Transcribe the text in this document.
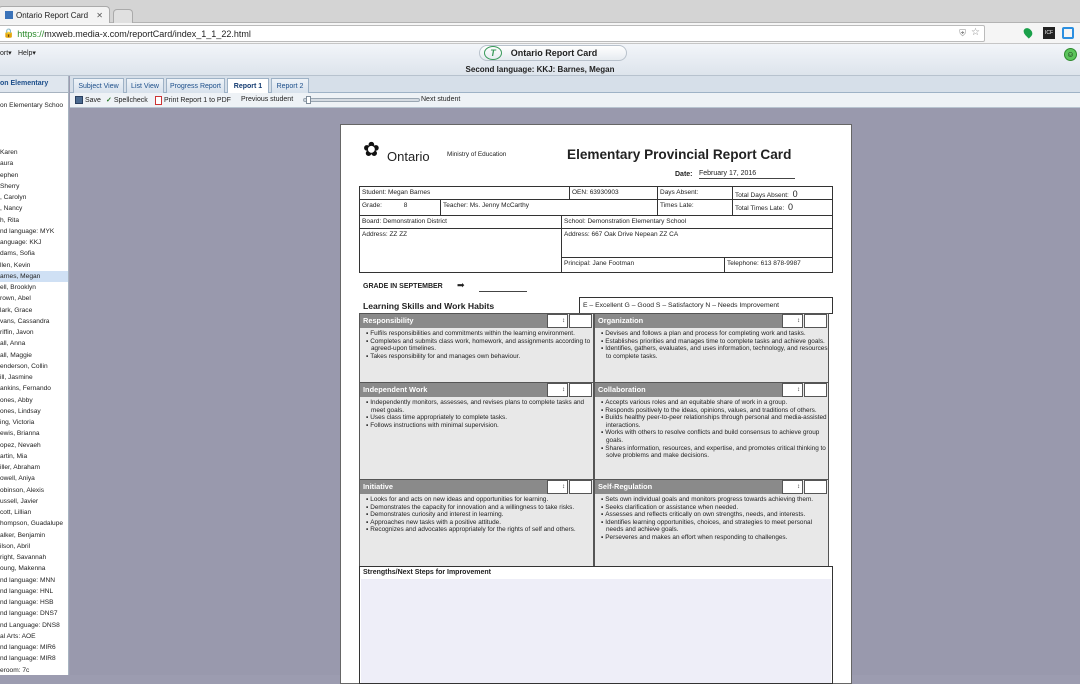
Ontario Report Card ✕
🔒 https:// mxweb.media-x.com/reportCard/index_1_1_22.html	⛨ ☆	ICF
ort▾ Help▾	T	Ontario Report Card
Second language: KKJ: Barnes, Megan
☺
on Elementary
on Elementary Schoo
Karen
aura
ephen
Sherry
, Carolyn
, Nancy
h, Rita
nd language: MYK
anguage: KKJ
dams, Sofia
llen, Kevin
arnes, Megan
ell, Brooklyn
rown, Abel
lark, Grace
vans, Cassandra
riffin, Javon
all, Anna
all, Maggie
enderson, Collin
ill, Jasmine
ankins, Fernando
ones, Abby
ones, Lindsay
ing, Victoria
ewis, Brianna
opez, Nevaeh
artin, Mia
iller, Abraham
owell, Aniya
obinson, Alexis
ussell, Javier
cott, Lillian
hompson, Guadalupe
alker, Benjamin
ilson, Abril
right, Savannah
oung, Makenna
nd language: MNN
nd language: HNL
nd language: HSB
nd language: DNS7
nd Language: DNS8
al Arts: AOE
nd language: MIR6
nd language: MIR8
eroom: 7c
Subject View	List View	Progress Report	Report 1	Report 2
Save ✓ Spellcheck Print Report 1 to PDF Previous student	Next student
✿ Ontario	Ministry of Education	Elementary Provincial Report Card
Date: February 17, 2016
Student: Megan Barnes	OEN: 63930903	Days Absent:	Total Days Absent: 0
Grade:	8	Teacher: Ms. Jenny McCarthy	Times Late:	Total Times Late: 0
Board: Demonstration District	School: Demonstration Elementary School
Address: ZZ ZZ	Address: 667 Oak Drive Nepean ZZ CA
Principal: Jane Footman	Telephone: 613 878-9987
GRADE IN SEPTEMBER ➡
Learning Skills and Work Habits	E – Excellent G – Good S – Satisfactory N – Needs Improvement
Responsibility	↕
▪ Fulfils responsibilities and commitments within the learning environment.
▪ Completes and submits class work, homework, and assignments according to agreed-upon timelines.
▪ Takes responsibility for and manages own behaviour.
Organization	↕
▪ Devises and follows a plan and process for completing work and tasks.
▪ Establishes priorities and manages time to complete tasks and achieve goals.
▪ Identifies, gathers, evaluates, and uses information, technology, and resources to complete tasks.
Independent Work	↕
▪ Independently monitors, assesses, and revises plans to complete tasks and meet goals.
▪ Uses class time appropriately to complete tasks.
▪ Follows instructions with minimal supervision.
Collaboration	↕
▪ Accepts various roles and an equitable share of work in a group.
▪ Responds positively to the ideas, opinions, values, and traditions of others.
▪ Builds healthy peer-to-peer relationships through personal and media-assisted interactions.
▪ Works with others to resolve conflicts and build consensus to achieve group goals.
▪ Shares information, resources, and expertise, and promotes critical thinking to solve problems and make decisions.
Initiative	↕
▪ Looks for and acts on new ideas and opportunities for learning.
▪ Demonstrates the capacity for innovation and a willingness to take risks.
▪ Demonstrates curiosity and interest in learning.
▪ Approaches new tasks with a positive attitude.
▪ Recognizes and advocates appropriately for the rights of self and others.
Self-Regulation	↕
▪ Sets own individual goals and monitors progress towards achieving them.
▪ Seeks clarification or assistance when needed.
▪ Assesses and reflects critically on own strengths, needs, and interests.
▪ Identifies learning opportunities, choices, and strategies to meet personal needs and achieve goals.
▪ Perseveres and makes an effort when responding to challenges.
Strengths/Next Steps for Improvement
